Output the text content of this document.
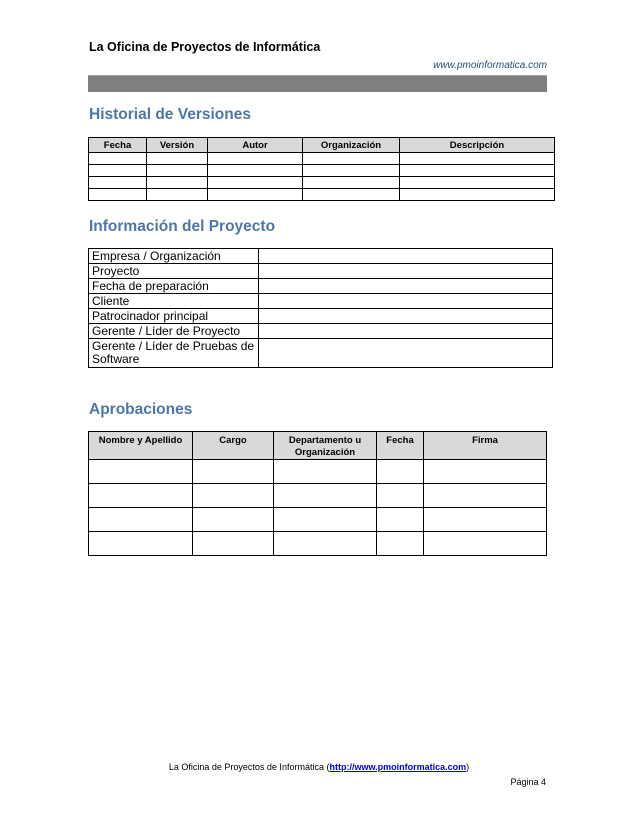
La Oficina de Proyectos de Informática
www.pmoinformatica.com
Historial de Versiones
Fecha	Versión	Autor	Organización	Descripción

Información del Proyecto
Empresa / Organización	
Proyecto	
Fecha de preparación	
Cliente	
Patrocinador principal	
Gerente / Líder de Proyecto	
Gerente / Líder de Pruebas de Software	
Aprobaciones
Nombre y Apellido	Cargo	Departamento u Organización	Fecha	Firma

La Oficina de Proyectos de Informática (http://www.pmoinformatica.com)
Página 4
